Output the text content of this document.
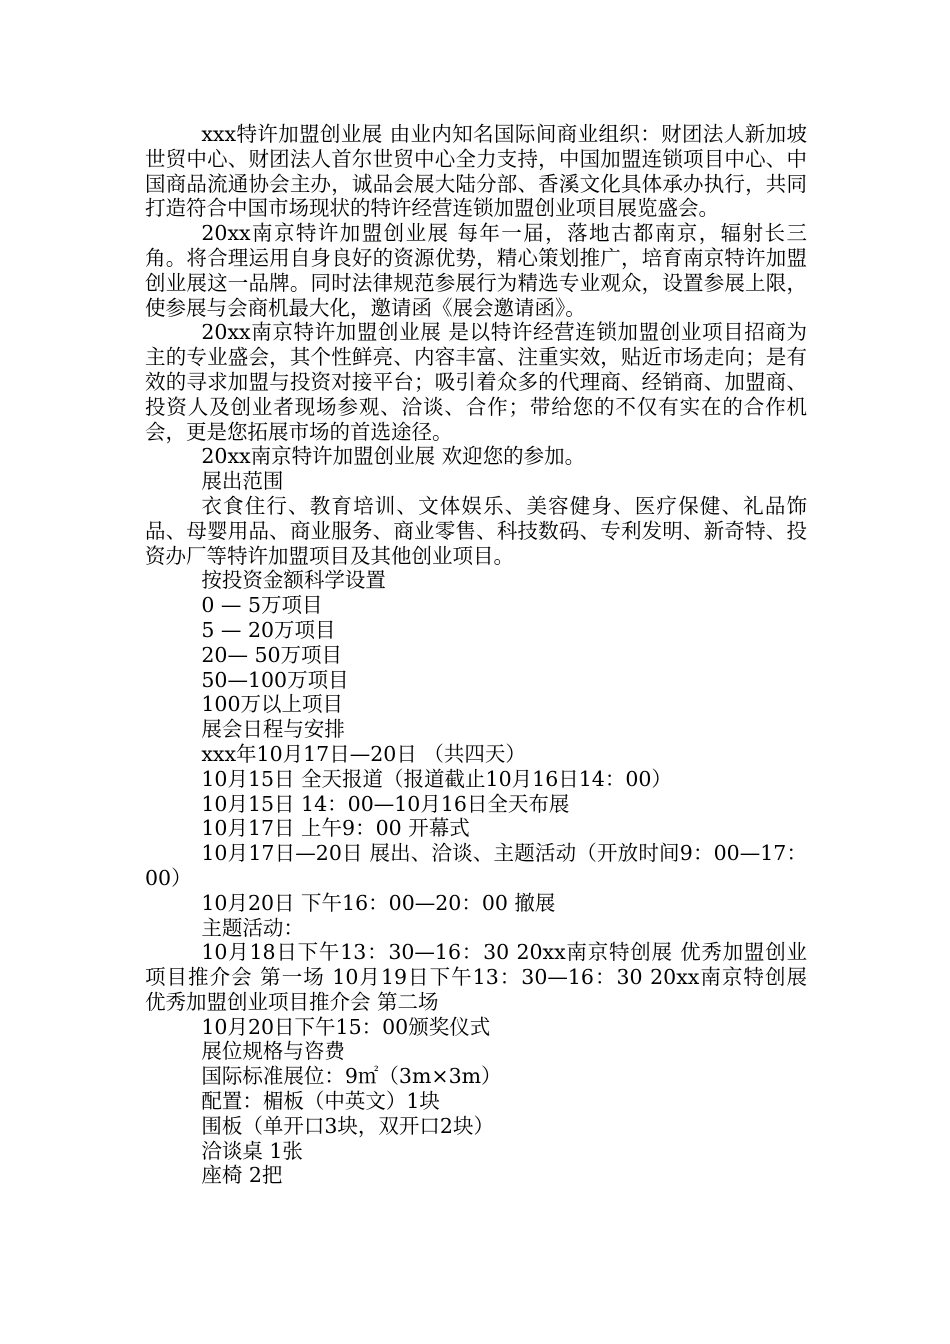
xxx特许加盟创业展 由业内知名国际间商业组织：财团法人新加坡世贸中心、财团法人首尔世贸中心全力支持，中国加盟连锁项目中心、中国商品流通协会主办，诚品会展大陆分部、香溪文化具体承办执行，共同打造符合中国市场现状的特许经营连锁加盟创业项目展览盛会。

20xx南京特许加盟创业展 每年一届，落地古都南京，辐射长三角。将合理运用自身良好的资源优势，精心策划推广，培育南京特许加盟创业展这一品牌。同时法律规范参展行为精选专业观众，设置参展上限，使参展与会商机最大化，邀请函《展会邀请函》。

20xx南京特许加盟创业展 是以特许经营连锁加盟创业项目招商为主的专业盛会，其个性鲜亮、内容丰富、注重实效，贴近市场走向；是有效的寻求加盟与投资对接平台；吸引着众多的代理商、经销商、加盟商、投资人及创业者现场参观、洽谈、合作；带给您的不仅有实在的合作机会，更是您拓展市场的首选途径。

20xx南京特许加盟创业展 欢迎您的参加。

展出范围

衣食住行、教育培训、文体娱乐、美容健身、医疗保健、礼品饰品、母婴用品、商业服务、商业零售、科技数码、专利发明、新奇特、投资办厂等特许加盟项目及其他创业项目。

按投资金额科学设置

0 — 5万项目

5 — 20万项目

20— 50万项目

50—100万项目

100万以上项目

展会日程与安排

xxx年10月17日—20日 （共四天）

10月15日 全天报道（报道截止10月16日14：00）

10月15日 14：00—10月16日全天布展

10月17日 上午9：00 开幕式

10月17日—20日 展出、洽谈、主题活动（开放时间9：00—17：00）

10月20日 下午16：00—20：00 撤展

主题活动：

10月18日下午13：30—16：30 20xx南京特创展 优秀加盟创业项目推介会 第一场 10月19日下午13：30—16：30 20xx南京特创展 优秀加盟创业项目推介会 第二场

10月20日下午15：00颁奖仪式

展位规格与咨费

国际标准展位：9㎡（3m×3m）

配置：楣板（中英文）1块

围板（单开口3块，双开口2块）

洽谈桌 1张

座椅 2把
